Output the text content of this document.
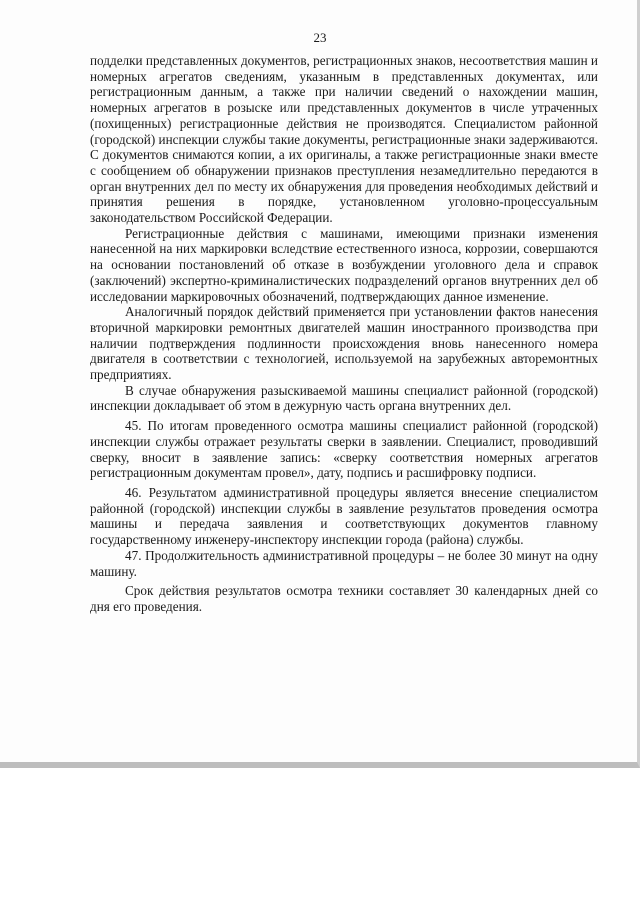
23

подделки представленных документов, регистрационных знаков, несоответствия машин и номерных агрегатов сведениям, указанным в представленных документах, или регистрационным данным, а также при наличии сведений о нахождении машин, номерных агрегатов в розыске или представленных документов в числе утраченных (похищенных) регистрационные действия не производятся. Специалистом районной (городской) инспекции службы такие документы, регистрационные знаки задерживаются. С документов снимаются копии, а их оригиналы, а также регистрационные знаки вместе с сообщением об обнаружении признаков преступления незамедлительно передаются в орган внутренних дел по месту их обнаружения для проведения необходимых действий и принятия решения в порядке, установленном уголовно-процессуальным законодательством Российской Федерации.

Регистрационные действия с машинами, имеющими признаки изменения нанесенной на них маркировки вследствие естественного износа, коррозии, совершаются на основании постановлений об отказе в возбуждении уголовного дела и справок (заключений) экспертно-криминалистических подразделений органов внутренних дел об исследовании маркировочных обозначений, подтверждающих данное изменение.

Аналогичный порядок действий применяется при установлении фактов нанесения вторичной маркировки ремонтных двигателей машин иностранного производства при наличии подтверждения подлинности происхождения вновь нанесенного номера двигателя в соответствии с технологией, используемой на зарубежных авторемонтных предприятиях.

В случае обнаружения разыскиваемой машины специалист районной (городской) инспекции докладывает об этом в дежурную часть органа внутренних дел.

45. По итогам проведенного осмотра машины специалист районной (городской) инспекции службы отражает результаты сверки в заявлении. Специалист, проводивший сверку, вносит в заявление запись: «сверку соответствия номерных агрегатов регистрационным документам провел», дату, подпись и расшифровку подписи.

46. Результатом административной процедуры является внесение специалистом районной (городской) инспекции службы в заявление результатов проведения осмотра машины и передача заявления и соответствующих документов главному государственному инженеру-инспектору инспекции города (района) службы.

47. Продолжительность административной процедуры – не более 30 минут на одну машину.

Срок действия результатов осмотра техники составляет 30 календарных дней со дня его проведения.
